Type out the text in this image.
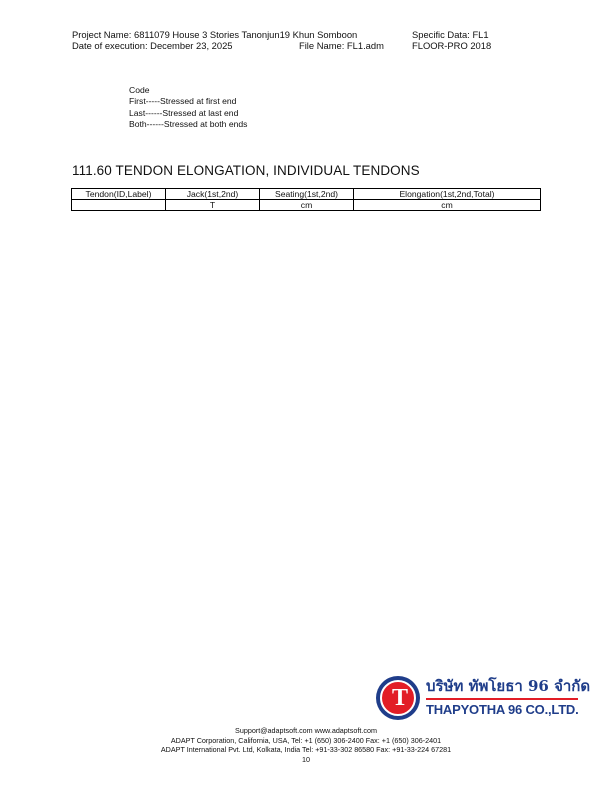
Project Name: 6811079 House 3 Stories Tanonjun19 Khun Somboon
Date of execution: December 23, 2025	File Name: FL1.adm
Specific Data: FL1
FLOOR-PRO 2018
Code
First-----Stressed at first end
Last------Stressed at last end
Both------Stressed at both ends
111.60 TENDON ELONGATION, INDIVIDUAL TENDONS
Tendon(ID,Label)	Jack(1st,2nd)	Seating(1st,2nd)	Elongation(1st,2nd,Total)
	T	cm	cm
T	บริษัท ทัพโยธา 96 จำกัด
THAPYOTHA 96 CO.,LTD.
Support@adaptsoft.com www.adaptsoft.com
ADAPT Corporation, California, USA, Tel: +1 (650) 306-2400 Fax: +1 (650) 306-2401
ADAPT International Pvt. Ltd, Kolkata, India Tel: +91-33-302 86580 Fax: +91-33-224 67281
10
